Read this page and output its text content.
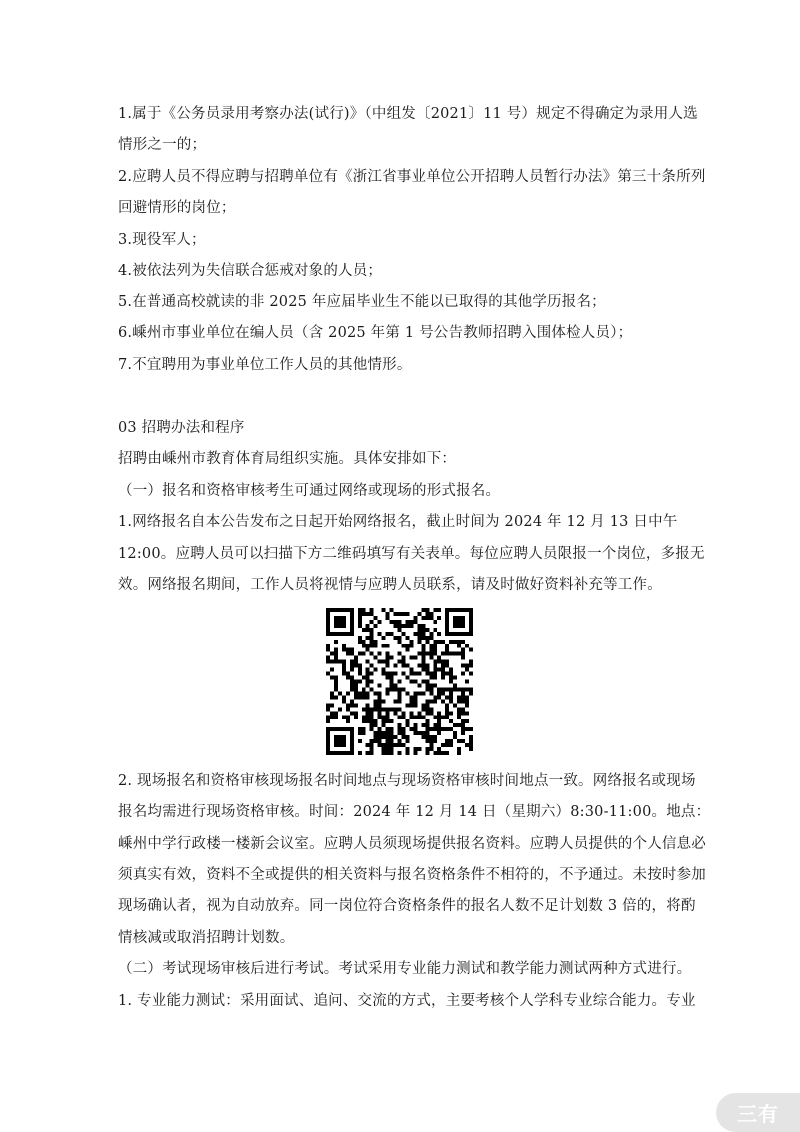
1.属于《公务员录用考察办法(试行)》（中组发〔2021〕11 号）规定不得确定为录用人选
情形之一的；
2.应聘人员不得应聘与招聘单位有《浙江省事业单位公开招聘人员暂行办法》第三十条所列
回避情形的岗位；
3.现役军人；
4.被依法列为失信联合惩戒对象的人员；
5.在普通高校就读的非 2025 年应届毕业生不能以已取得的其他学历报名；
6.嵊州市事业单位在编人员（含 2025 年第 1 号公告教师招聘入围体检人员）；
7.不宜聘用为事业单位工作人员的其他情形。
03 招聘办法和程序
招聘由嵊州市教育体育局组织实施。具体安排如下：
（一）报名和资格审核考生可通过网络或现场的形式报名。
1.网络报名自本公告发布之日起开始网络报名，截止时间为 2024 年 12 月 13 日中午
12:00。应聘人员可以扫描下方二维码填写有关表单。每位应聘人员限报一个岗位，多报无
效。网络报名期间，工作人员将视情与应聘人员联系，请及时做好资料补充等工作。
2. 现场报名和资格审核现场报名时间地点与现场资格审核时间地点一致。网络报名或现场
报名均需进行现场资格审核。时间：2024 年 12 月 14 日（星期六）8:30-11:00。地点：
嵊州中学行政楼一楼新会议室。应聘人员须现场提供报名资料。应聘人员提供的个人信息必
须真实有效，资料不全或提供的相关资料与报名资格条件不相符的，不予通过。未按时参加
现场确认者，视为自动放弃。同一岗位符合资格条件的报名人数不足计划数 3 倍的，将酌
情核减或取消招聘计划数。
（二）考试现场审核后进行考试。考试采用专业能力测试和教学能力测试两种方式进行。
1. 专业能力测试：采用面试、追问、交流的方式，主要考核个人学科专业综合能力。专业
三有
